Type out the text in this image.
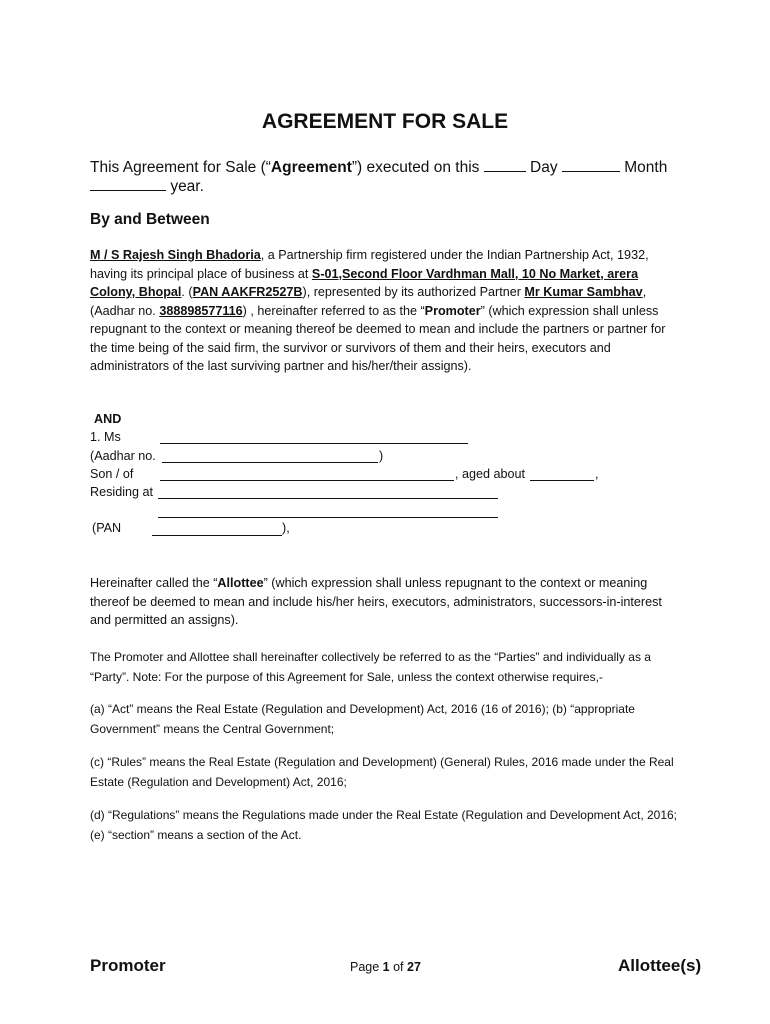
AGREEMENT FOR SALE
This Agreement for Sale (“Agreement”) executed on this	Day	Month
year.
By and Between
M / S Rajesh Singh Bhadoria, a Partnership firm registered under the Indian Partnership Act, 1932, having its principal place of business at S-01,Second Floor Vardhman Mall, 10 No Market, arera Colony, Bhopal. (PAN AAKFR2527B), represented by its authorized Partner Mr Kumar Sambhav, (Aadhar no. 388898577116) , hereinafter referred to as the “Promoter” (which expression shall unless repugnant to the context or meaning thereof be deemed to mean and include the partners or partner for the time being of the said firm, the survivor or survivors of them and their heirs, executors and administrators of the last surviving partner and his/her/their assigns).
AND
1. Ms
(Aadhar no.	)
Son / of	, aged about	,
Residing at
(PAN	),
Hereinafter called the “Allottee” (which expression shall unless repugnant to the context or meaning thereof be deemed to mean and include his/her heirs, executors, administrators, successors-in-interest and permitted an assigns).
The Promoter and Allottee shall hereinafter collectively be referred to as the “Parties” and individually as a “Party”. Note: For the purpose of this Agreement for Sale, unless the context otherwise requires,-
(a) “Act” means the Real Estate (Regulation and Development) Act, 2016 (16 of 2016); (b) “appropriate Government” means the Central Government;
(c) “Rules” means the Real Estate (Regulation and Development) (General) Rules, 2016 made under the Real Estate (Regulation and Development) Act, 2016;
(d) “Regulations” means the Regulations made under the Real Estate (Regulation and Development Act, 2016; (e) “section” means a section of the Act.
Promoter	Page 1 of 27	Allottee(s)
